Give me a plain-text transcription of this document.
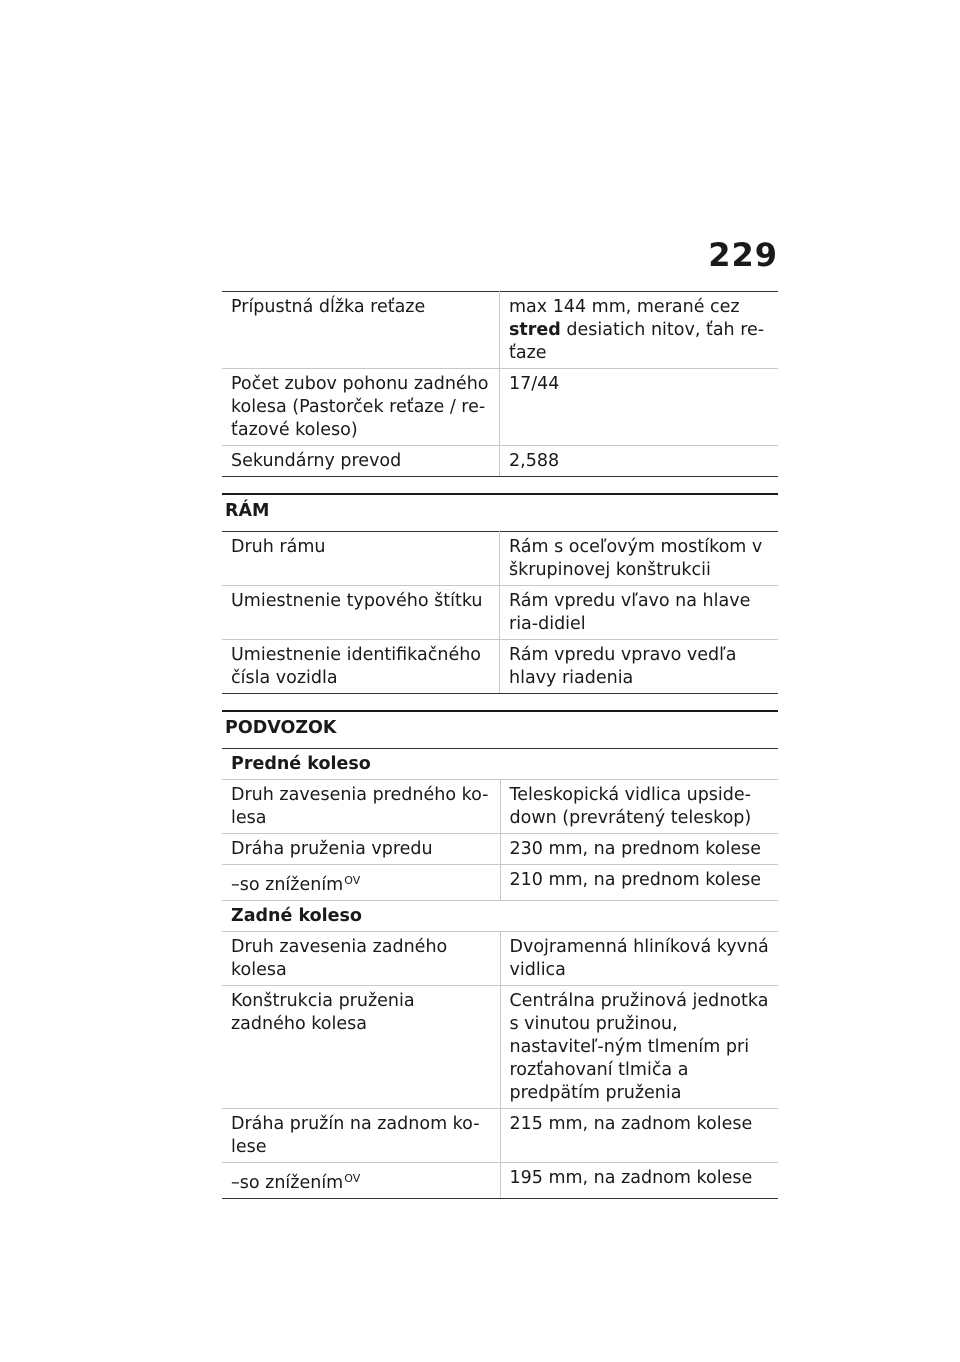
229
Prípustná dĺžka reťaze	max 144 mm, merané cez
stred desiatich nitov, ťah re-ťaze
Počet zubov pohonu zadného kolesa (Pastorček reťaze / re-ťazové koleso)	17/44
Sekundárny prevod	2,588
RÁM
Druh rámu	Rám s oceľovým mostíkom v škrupinovej konštrukcii
Umiestnenie typového štítku	Rám vpredu vľavo na hlave ria-didiel
Umiestnenie identifikačného čísla vozidla	Rám vpredu vpravo vedľa hlavy riadenia
PODVOZOK
Predné koleso	
Druh zavesenia predného ko-lesa	Teleskopická vidlica upside-down (prevrátený teleskop)
Dráha pruženia vpredu	230 mm, na prednom kolese
–so znížením$^{OV}$	210 mm, na prednom kolese
Zadné koleso	
Druh zavesenia zadného kolesa	Dvojramenná hliníková kyvná vidlica
Konštrukcia pruženia zadného kolesa	Centrálna pružinová jednotka s vinutou pružinou, nastaviteľ-ným tlmením pri rozťahovaní tlmiča a predpätím pruženia
Dráha pružín na zadnom ko-lese	215 mm, na zadnom kolese
–so znížením$^{OV}$	195 mm, na zadnom kolese
